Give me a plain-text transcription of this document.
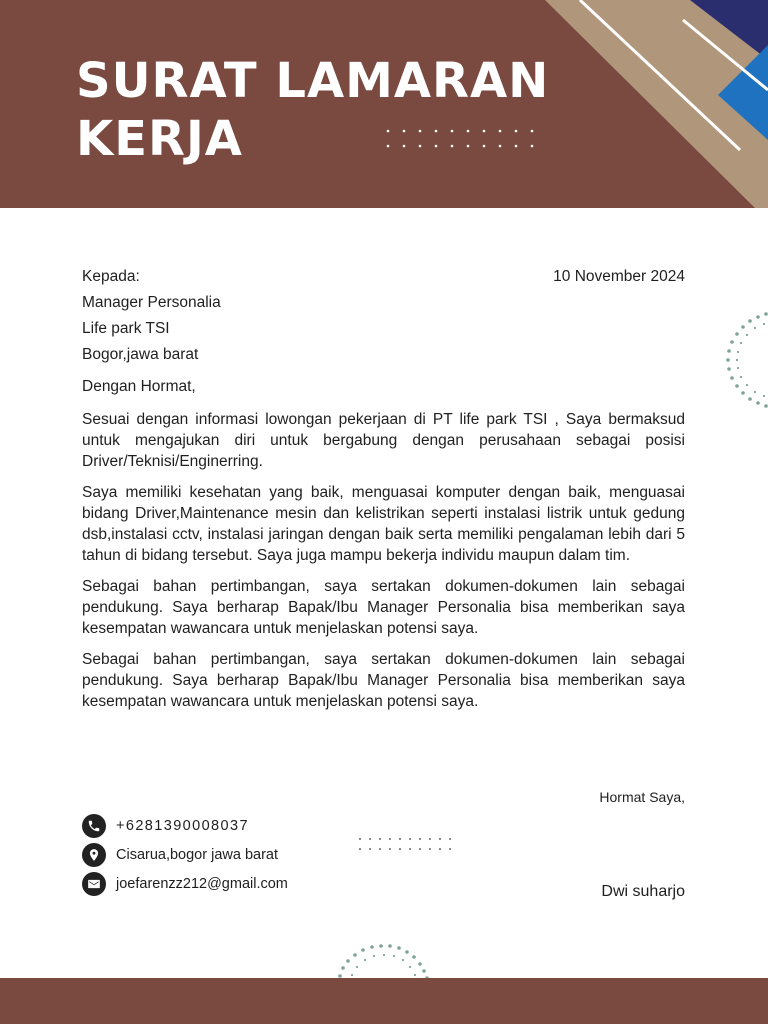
SURAT LAMARAN
KERJA

10 November 2024

Kepada:

Manager Personalia

Life park TSI

Bogor,jawa barat

Dengan Hormat,

Sesuai dengan informasi lowongan pekerjaan di PT life park TSI , Saya bermaksud untuk mengajukan diri untuk bergabung dengan perusahaan sebagai posisi Driver/Teknisi/Enginerring.

Saya memiliki kesehatan yang baik, menguasai komputer dengan baik, menguasai bidang Driver,Maintenance mesin dan kelistrikan seperti instalasi listrik untuk gedung dsb,instalasi cctv, instalasi jaringan dengan baik serta memiliki pengalaman lebih dari 5 tahun di bidang tersebut. Saya juga mampu bekerja individu maupun dalam tim.

Sebagai bahan pertimbangan, saya sertakan dokumen-dokumen lain sebagai pendukung. Saya berharap Bapak/Ibu Manager Personalia bisa memberikan saya kesempatan wawancara untuk menjelaskan potensi saya.

Sebagai bahan pertimbangan, saya sertakan dokumen-dokumen lain sebagai pendukung. Saya berharap Bapak/Ibu Manager Personalia bisa memberikan saya kesempatan wawancara untuk menjelaskan potensi saya.

Hormat Saya,

Dwi suharjo

+6281390008037
Cisarua,bogor jawa barat
joefarenzz212@gmail.com
